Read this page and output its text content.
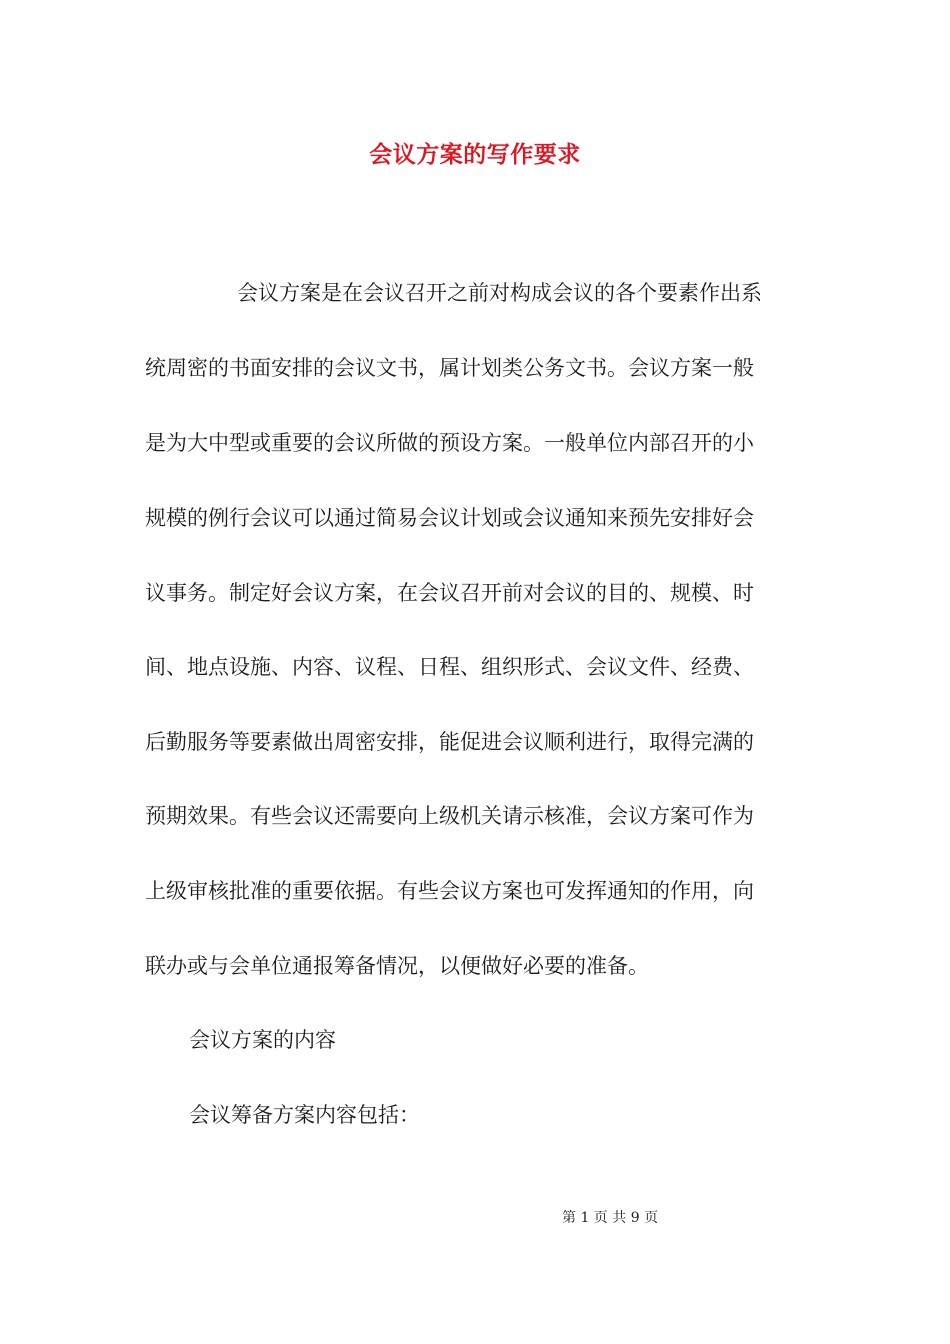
会议方案的写作要求
会议方案是在会议召开之前对构成会议的各个要素作出系
统周密的书面安排的会议文书，属计划类公务文书。会议方案一般
是为大中型或重要的会议所做的预设方案。一般单位内部召开的小
规模的例行会议可以通过简易会议计划或会议通知来预先安排好会
议事务。制定好会议方案，在会议召开前对会议的目的、规模、时
间、地点设施、内容、议程、日程、组织形式、会议文件、经费、
后勤服务等要素做出周密安排，能促进会议顺利进行，取得完满的
预期效果。有些会议还需要向上级机关请示核准，会议方案可作为
上级审核批准的重要依据。有些会议方案也可发挥通知的作用，向
联办或与会单位通报筹备情况，以便做好必要的准备。
会议方案的内容
会议筹备方案内容包括：
第 1 页 共 9 页
